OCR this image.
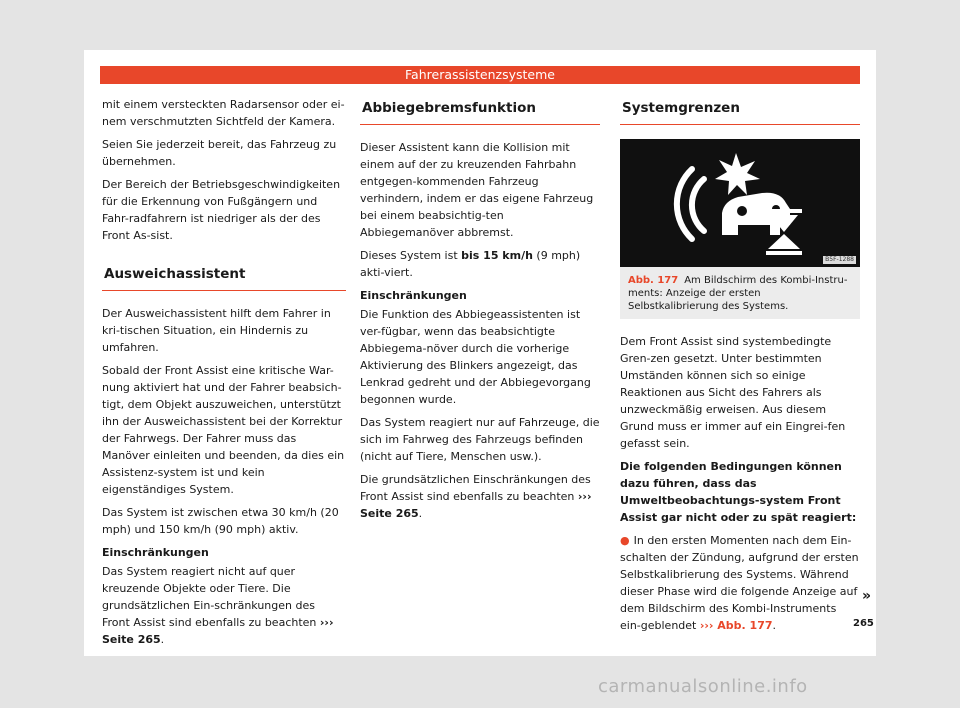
Fahrerassistenzsysteme

mit einem versteckten Radarsensor oder ei-nem verschmutzten Sichtfeld der Kamera.

Seien Sie jederzeit bereit, das Fahrzeug zu übernehmen.

Der Bereich der Betriebsgeschwindigkeiten für die Erkennung von Fußgängern und Fahr-radfahrern ist niedriger als der des Front As-sist.

Ausweichassistent

Der Ausweichassistent hilft dem Fahrer in kri-tischen Situation, ein Hindernis zu umfahren.

Sobald der Front Assist eine kritische War-nung aktiviert hat und der Fahrer beabsich-tigt, dem Objekt auszuweichen, unterstützt ihn der Ausweichassistent bei der Korrektur der Fahrwegs. Der Fahrer muss das Manöver einleiten und beenden, da dies ein Assistenz-system ist und kein eigenständiges System.

Das System ist zwischen etwa 30 km/h (20 mph) und 150 km/h (90 mph) aktiv.

Einschränkungen

Das System reagiert nicht auf quer kreuzende Objekte oder Tiere. Die grundsätzlichen Ein-schränkungen des Front Assist sind ebenfalls zu beachten ››› Seite 265.

Abbiegebremsfunktion

Dieser Assistent kann die Kollision mit einem auf der zu kreuzenden Fahrbahn entgegen-kommenden Fahrzeug verhindern, indem er das eigene Fahrzeug bei einem beabsichtig-ten Abbiegemanöver abbremst.

Dieses System ist bis 15 km/h (9 mph) akti-viert.

Einschränkungen

Die Funktion des Abbiegeassistenten ist ver-fügbar, wenn das beabsichtigte Abbiegema-növer durch die vorherige Aktivierung des Blinkers angezeigt, das Lenkrad gedreht und der Abbiegevorgang begonnen wurde.

Das System reagiert nur auf Fahrzeuge, die sich im Fahrweg des Fahrzeugs befinden (nicht auf Tiere, Menschen usw.).

Die grundsätzlichen Einschränkungen des Front Assist sind ebenfalls zu beachten ››› Seite 265.

Systemgrenzen
B5F-1288
Abb. 177 Am Bildschirm des Kombi-Instru-ments: Anzeige der ersten Selbstkalibrierung des Systems.

Dem Front Assist sind systembedingte Gren-zen gesetzt. Unter bestimmten Umständen können sich so einige Reaktionen aus Sicht des Fahrers als unzweckmäßig erweisen. Aus diesem Grund muss er immer auf ein Eingrei-fen gefasst sein.

Die folgenden Bedingungen können dazu führen, dass das Umweltbeobachtungs-system Front Assist gar nicht oder zu spät reagiert:

● In den ersten Momenten nach dem Ein-schalten der Zündung, aufgrund der ersten Selbstkalibrierung des Systems. Während dieser Phase wird die folgende Anzeige auf dem Bildschirm des Kombi-Instruments ein-geblendet ››› Abb. 177.

»
265
carmanualsonline.info
